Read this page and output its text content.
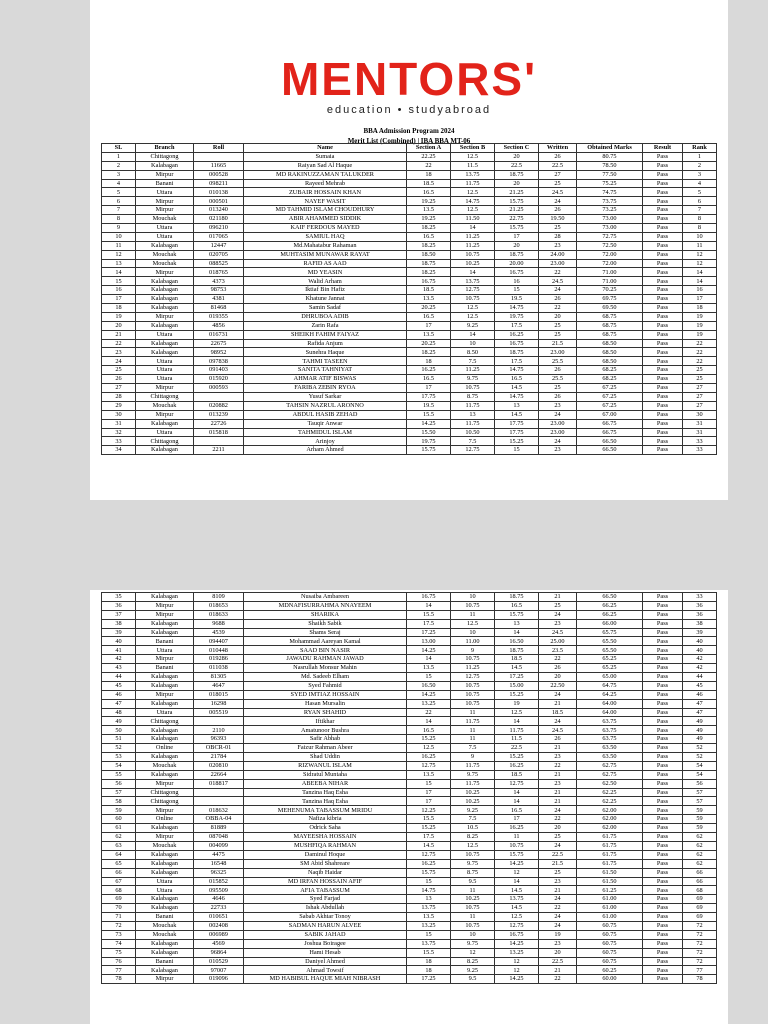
MENTORS'
education • studyabroad
BBA Admission Program 2024
Merit List (Combined) | IBA BBA MT-06
SL	Branch	Roll	Name	Section A	Section B	Section C	Written	Obtained Marks	Result	Rank
1	Chittagong		Sumaia	22.25	12.5	20	26	80.75	Pass	1
2	Kalabagan	11665	Raiyan Sad Al Haque	22	11.5	22.5	22.5	78.50	Pass	2
3	Mirpur	000528	MD RAKINUZZAMAN TALUKDER	18	13.75	18.75	27	77.50	Pass	3
4	Banani	098211	Rayeed Mehrab	18.5	11.75	20	25	75.25	Pass	4
5	Uttara	010138	ZUBAIR HOSSAIN KHAN	16.5	12.5	21.25	24.5	74.75	Pass	5
6	Mirpur	000501	NAYEF WASIT	19.25	14.75	15.75	24	73.75	Pass	6
7	Mirpur	013240	MD TAHMID ISLAM CHOUDHURY	13.5	12.5	21.25	26	73.25	Pass	7
8	Mouchak	021180	ABIR AHAMMED SIDDIK	19.25	11.50	22.75	19.50	73.00	Pass	8
9	Uttara	096210	KAIF FERDOUS MAYED	18.25	14	15.75	25	73.00	Pass	8
10	Uttara	017065	SAMIUL HAQ	16.5	11.25	17	28	72.75	Pass	10
11	Kalabagan	12447	Md.Mahatabur Rahaman	18.25	11.25	20	23	72.50	Pass	11
12	Mouchak	020705	MUHTASIM MUNAWAR RAYAT	18.50	10.75	18.75	24.00	72.00	Pass	12
13	Mouchak	088525	RAFID AS AAD	18.75	10.25	20.00	23.00	72.00	Pass	12
14	Mirpur	018765	MD YEASIN	18.25	14	16.75	22	71.00	Pass	14
15	Kalabagan	4373	Walid Arham	16.75	13.75	16	24.5	71.00	Pass	14
16	Kalabagan	98753	Iktiaf Bin Hafiz	18.5	12.75	15	24	70.25	Pass	16
17	Kalabagan	4381	Khatune Jannat	13.5	10.75	19.5	26	69.75	Pass	17
18	Kalabagan	81468	Samin Sadaf	20.25	12.5	14.75	22	69.50	Pass	18
19	Mirpur	019355	DHRUBOA ADIB	16.5	12.5	19.75	20	68.75	Pass	19
20	Kalabagan	4856	Zarin Rafa	17	9.25	17.5	25	68.75	Pass	19
21	Uttara	016731	SHEIKH FAHIM FAIYAZ	13.5	14	16.25	25	68.75	Pass	19
22	Kalabagan	22675	Rafida Anjum	20.25	10	16.75	21.5	68.50	Pass	22
23	Kalabagan	98952	Sunehra Haque	18.25	8.50	18.75	23.00	68.50	Pass	22
24	Uttara	097838	TAHMI TASEEN	18	7.5	17.5	25.5	68.50	Pass	22
25	Uttara	091403	SANITA TAHNIYAT	16.25	11.25	14.75	26	68.25	Pass	25
26	Uttara	015920	AHMAR ATIF BISWAS	16.5	9.75	16.5	25.5	68.25	Pass	25
27	Mirpur	000593	FARIBA ZEBIN RYOA	17	10.75	14.5	25	67.25	Pass	27
28	Chittagong		Yusuf Sarkar	17.75	8.75	14.75	26	67.25	Pass	27
29	Mouchak	020882	TAHSIN NAZRUL ARONNO	19.5	11.75	13	23	67.25	Pass	27
30	Mirpur	013239	ABDUL HASIB ZEHAD	15.5	13	14.5	24	67.00	Pass	30
31	Kalabagan	22726	Tauqir Anwar	14.25	11.75	17.75	23.00	66.75	Pass	31
32	Uttara	015818	TAHMIDUL ISLAM	15.50	10.50	17.75	23.00	66.75	Pass	31
33	Chittagong		Arinjoy	19.75	7.5	15.25	24	66.50	Pass	33
34	Kalabagan	2211	Arham Ahmed	15.75	12.75	15	23	66.50	Pass	33
35	Kalabagan	8109	Nusaiba Ambareen	16.75	10	18.75	21	66.50	Pass	33
36	Mirpur	018653	MDNAFISURRAHMA NNAYEEM	14	10.75	16.5	25	66.25	Pass	36
37	Mirpur	018633	SHARIKA	15.5	11	15.75	24	66.25	Pass	36
38	Kalabagan	9688	Shaikh Sabik	17.5	12.5	13	23	66.00	Pass	38
39	Kalabagan	4539	Shams Seraj	17.25	10	14	24.5	65.75	Pass	39
40	Banani	094407	Mohammad Aareyan Kamal	13.00	11.00	16.50	25.00	65.50	Pass	40
41	Uttara	010448	SAAD BIN NASIR	14.25	9	18.75	23.5	65.50	Pass	40
42	Mirpur	019286	JAWADU RAHMAN JAWAD	14	10.75	18.5	22	65.25	Pass	42
43	Banani	011038	Nasrullah Monsur Mahin	13.5	11.25	14.5	26	65.25	Pass	42
44	Kalabagan	81305	Md. Sadeeb Elham	15	12.75	17.25	20	65.00	Pass	44
45	Kalabagan	4647	Syed Fahmid	16.50	10.75	15.00	22.50	64.75	Pass	45
46	Mirpur	018015	SYED IMTIAZ HOSSAIN	14.25	10.75	15.25	24	64.25	Pass	46
47	Kalabagan	16298	Hasan Mursalin	13.25	10.75	19	21	64.00	Pass	47
48	Uttara	005519	RYAN SHAHID	22	11	12.5	18.5	64.00	Pass	47
49	Chittagong		Iftikhar	14	11.75	14	24	63.75	Pass	49
50	Kalabagan	2110	Amatunoor Bushra	16.5	11	11.75	24.5	63.75	Pass	49
51	Kalabagan	96393	Safir Abhab	15.25	11	11.5	26	63.75	Pass	49
52	Online	OBCR-01	Faizur Rahman Abeer	12.5	7.5	22.5	21	63.50	Pass	52
53	Kalabagan	21784	Shad Uddin	16.25	9	15.25	23	63.50	Pass	52
54	Mouchak	020810	RIZWANUL ISLAM	12.75	11.75	16.25	22	62.75	Pass	54
55	Kalabagan	22664	Sidratul Muntaha	13.5	9.75	18.5	21	62.75	Pass	54
56	Mirpur	018817	ABEEBA NIHAR	15	11.75	12.75	23	62.50	Pass	56
57	Chittagong		Tanzina Haq Esha	17	10.25	14	21	62.25	Pass	57
58	Chittagong		Tanzina Haq Esha	17	10.25	14	21	62.25	Pass	57
59	Mirpur	018632	MEHENUMA TABASSUM MRIDU	12.25	9.25	16.5	24	62.00	Pass	59
60	Online	OBBA-04	Nafiza kibria	15.5	7.5	17	22	62.00	Pass	59
61	Kalabagan	81889	Odrick Saha	15.25	10.5	16.25	20	62.00	Pass	59
62	Mirpur	087048	MAYEESHA HOSSAIN	17.5	8.25	11	25	61.75	Pass	62
63	Mouchak	004099	MUSHFIQA RAHMAN	14.5	12.5	10.75	24	61.75	Pass	62
64	Kalabagan	4475	Daminul Hoque	12.75	10.75	15.75	22.5	61.75	Pass	62
65	Kalabagan	16548	SM Abid Shahreare	16.25	9.75	14.25	21.5	61.75	Pass	62
66	Kalabagan	96325	Naqib Haidar	15.75	8.75	12	25	61.50	Pass	66
67	Uttara	015852	MD IRFAN HOSSAIN AFIF	15	9.5	14	23	61.50	Pass	66
68	Uttara	095509	AFIA TABASSUM	14.75	11	14.5	21	61.25	Pass	68
69	Kalabagan	4646	Syed Farjad	13	10.25	13.75	24	61.00	Pass	69
70	Kalabagan	22733	Ishak Abdullah	13.75	10.75	14.5	22	61.00	Pass	69
71	Banani	010651	Sabab Akhtar Tonoy	13.5	11	12.5	24	61.00	Pass	69
72	Mouchak	002408	SADMAN HARUN ALVEE	13.25	10.75	12.75	24	60.75	Pass	72
73	Mouchak	006989	SABIK JAHAD	15	10	16.75	19	60.75	Pass	72
74	Kalabagan	4569	Joshua Boiragee	13.75	9.75	14.25	23	60.75	Pass	72
75	Kalabagan	96864	Hami Hesab	15.5	12	13.25	20	60.75	Pass	72
76	Banani	010529	Daniyel Ahmed	18	8.25	12	22.5	60.75	Pass	72
77	Kalabagan	97007	Ahmad Towsif	18	9.25	12	21	60.25	Pass	77
78	Mirpur	019096	MD HABIBUL HAQUE MIAH NIBRASH	17.25	9.5	14.25	22	60.00	Pass	78
